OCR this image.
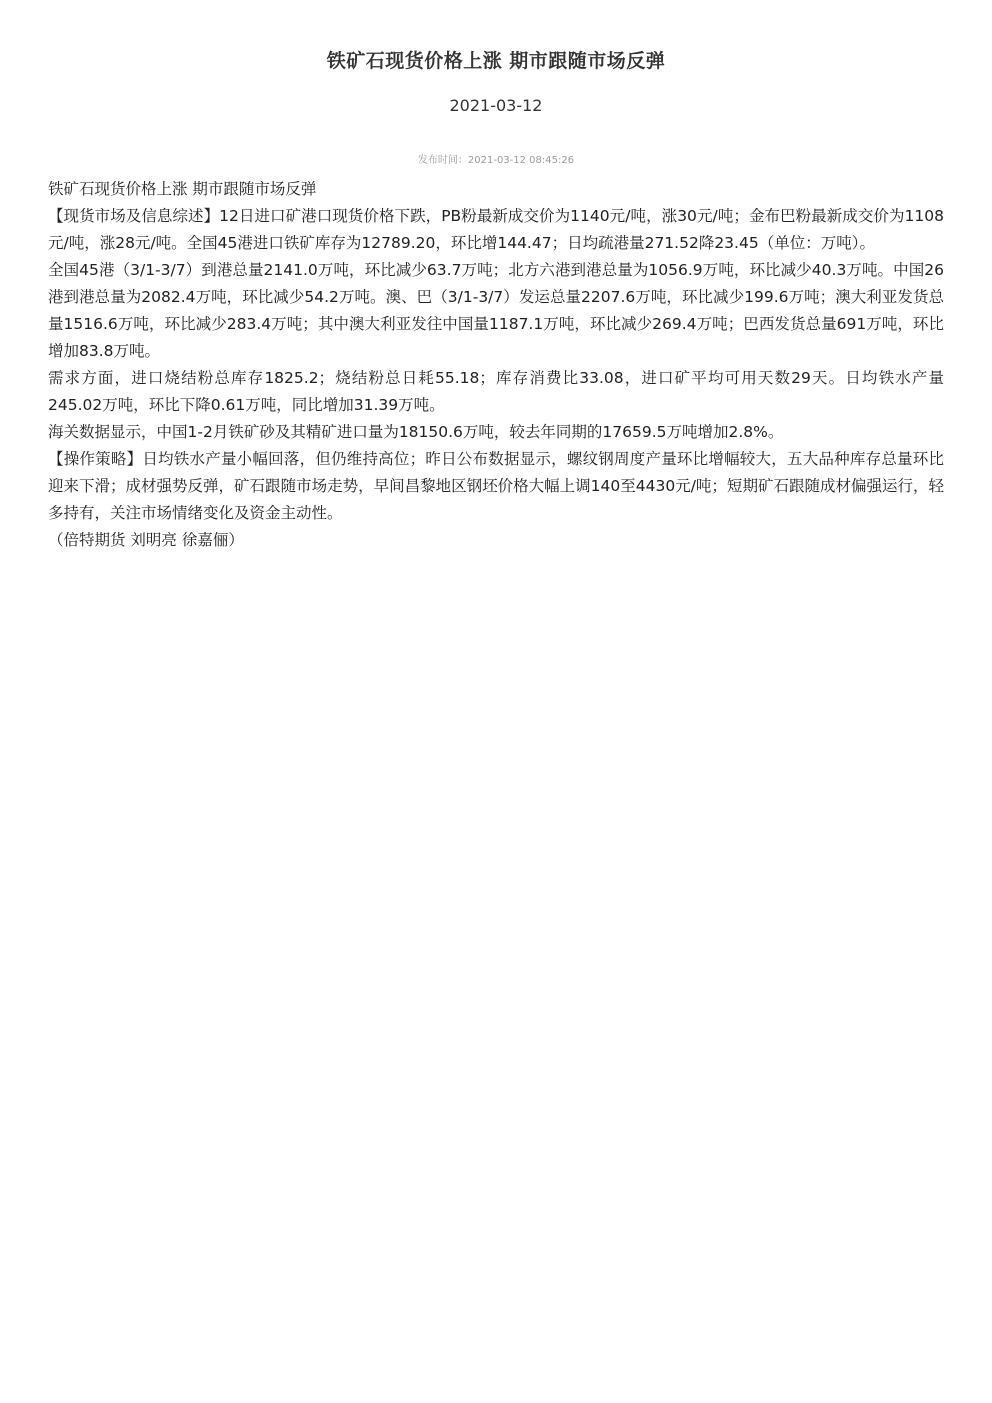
铁矿石现货价格上涨 期市跟随市场反弹
2021-03-12
发布时间：2021-03-12 08:45:26

铁矿石现货价格上涨 期市跟随市场反弹

【现货市场及信息综述】12日进口矿港口现货价格下跌，PB粉最新成交价为1140元/吨，涨30元/吨；金布巴粉最新成交价为1108元/吨，涨28元/吨。全国45港进口铁矿库存为12789.20，环比增144.47；日均疏港量271.52降23.45（单位：万吨）。

全国45港（3/1-3/7）到港总量2141.0万吨，环比减少63.7万吨；北方六港到港总量为1056.9万吨，环比减少40.3万吨。中国26港到港总量为2082.4万吨，环比减少54.2万吨。澳、巴（3/1-3/7）发运总量2207.6万吨，环比减少199.6万吨；澳大利亚发货总量1516.6万吨，环比减少283.4万吨；其中澳大利亚发往中国量1187.1万吨，环比减少269.4万吨；巴西发货总量691万吨，环比增加83.8万吨。

需求方面，进口烧结粉总库存1825.2；烧结粉总日耗55.18；库存消费比33.08，进口矿平均可用天数29天。日均铁水产量245.02万吨，环比下降0.61万吨，同比增加31.39万吨。

海关数据显示，中国1-2月铁矿砂及其精矿进口量为18150.6万吨，较去年同期的17659.5万吨增加2.8%。

【操作策略】日均铁水产量小幅回落，但仍维持高位；昨日公布数据显示，螺纹钢周度产量环比增幅较大，五大品种库存总量环比迎来下滑；成材强势反弹，矿石跟随市场走势，早间昌黎地区钢坯价格大幅上调140至4430元/吨；短期矿石跟随成材偏强运行，轻多持有，关注市场情绪变化及资金主动性。

（倍特期货 刘明亮 徐嘉俪）
